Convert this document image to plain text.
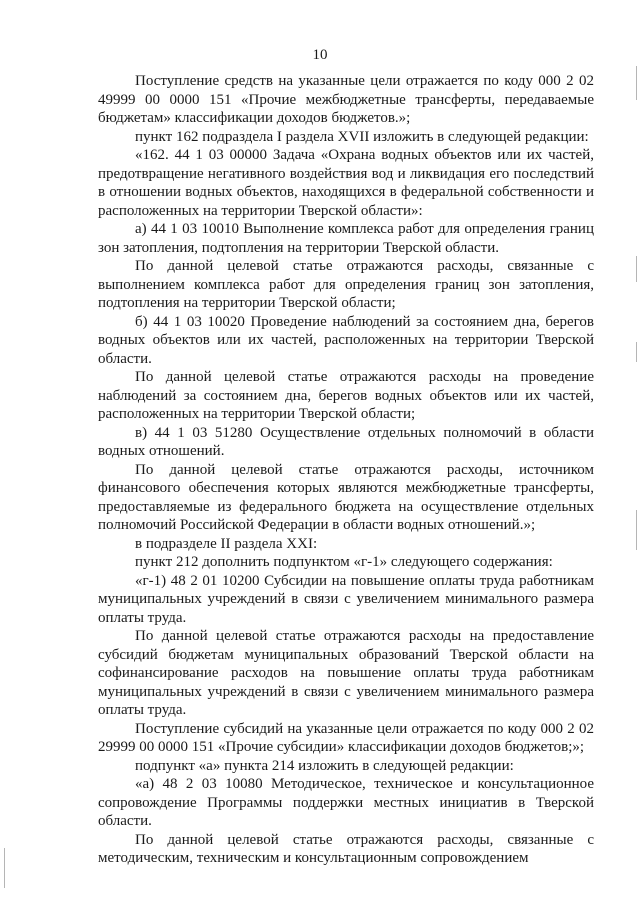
10

Поступление средств на указанные цели отражается по коду 000 2 02 49999 00 0000 151 «Прочие межбюджетные трансферты, передаваемые бюджетам» классификации доходов бюджетов.»;

пункт 162 подраздела I раздела XVII изложить в следующей редакции:

«162. 44 1 03 00000 Задача «Охрана водных объектов или их частей, предотвращение негативного воздействия вод и ликвидация его последствий в отношении водных объектов, находящихся в федеральной собственности и расположенных на территории Тверской области»:

а) 44 1 03 10010 Выполнение комплекса работ для определения границ зон затопления, подтопления на территории Тверской области.

По данной целевой статье отражаются расходы, связанные с выполнением комплекса работ для определения границ зон затопления, подтопления на территории Тверской области;

б) 44 1 03 10020 Проведение наблюдений за состоянием дна, берегов водных объектов или их частей, расположенных на территории Тверской области.

По данной целевой статье отражаются расходы на проведение наблюдений за состоянием дна, берегов водных объектов или их частей, расположенных на территории Тверской области;

в) 44 1 03 51280 Осуществление отдельных полномочий в области водных отношений.

По данной целевой статье отражаются расходы, источником финансового обеспечения которых являются межбюджетные трансферты, предоставляемые из федерального бюджета на осуществление отдельных полномочий Российской Федерации в области водных отношений.»;

в подразделе II раздела XXI:

пункт 212 дополнить подпунктом «г-1» следующего содержания:

«г-1) 48 2 01 10200 Субсидии на повышение оплаты труда работникам муниципальных учреждений в связи с увеличением минимального размера оплаты труда.

По данной целевой статье отражаются расходы на предоставление субсидий бюджетам муниципальных образований Тверской области на софинансирование расходов на повышение оплаты труда работникам муниципальных учреждений в связи с увеличением минимального размера оплаты труда.

Поступление субсидий на указанные цели отражается по коду 000 2 02 29999 00 0000 151 «Прочие субсидии» классификации доходов бюджетов;»;

подпункт «а» пункта 214 изложить в следующей редакции:

«а) 48 2 03 10080 Методическое, техническое и консультационное сопровождение Программы поддержки местных инициатив в Тверской области.

По данной целевой статье отражаются расходы, связанные с методическим, техническим и консультационным сопровождением
